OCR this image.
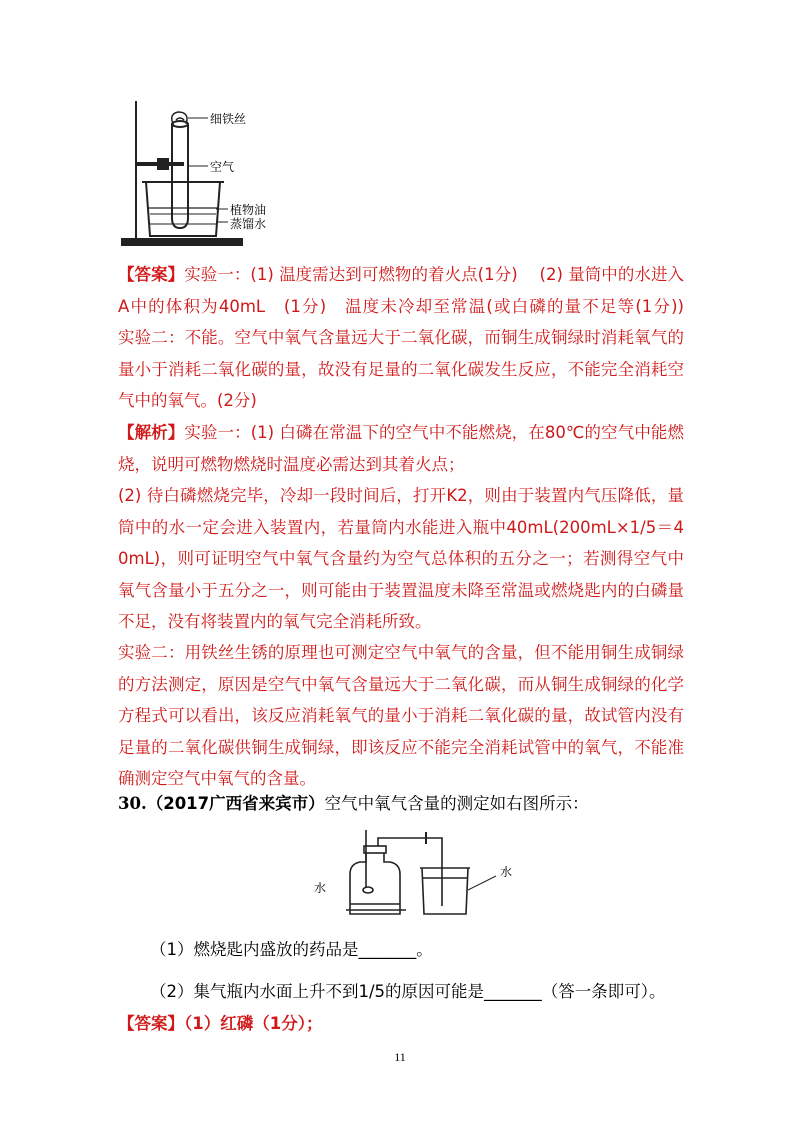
细铁丝
空气
植物油
蒸馏水

【答案】实验一：(1) 温度需达到可燃物的着火点(1分)　 (2) 量筒中的水进入A中的体积为40mL　(1分)　温度未冷却至常温(或白磷的量不足等(1分))　 实验二：不能。空气中氧气含量远大于二氧化碳，而铜生成铜绿时消耗氧气的量小于消耗二氧化碳的量，故没有足量的二氧化碳发生反应，不能完全消耗空气中的氧气。(2分)

【解析】实验一：(1) 白磷在常温下的空气中不能燃烧，在80℃的空气中能燃烧，说明可燃物燃烧时温度必需达到其着火点；

(2) 待白磷燃烧完毕，冷却一段时间后，打开K2，则由于装置内气压降低，量筒中的水一定会进入装置内，若量筒内水能进入瓶中40mL(200mL×1/5＝40mL)，则可证明空气中氧气含量约为空气总体积的五分之一；若测得空气中氧气含量小于五分之一，则可能由于装置温度未降至常温或燃烧匙内的白磷量不足，没有将装置内的氧气完全消耗所致。

实验二：用铁丝生锈的原理也可测定空气中氧气的含量，但不能用铜生成铜绿的方法测定，原因是空气中氧气含量远大于二氧化碳，而从铜生成铜绿的化学方程式可以看出，该反应消耗氧气的量小于消耗二氧化碳的量，故试管内没有足量的二氧化碳供铜生成铜绿，即该反应不能完全消耗试管中的氧气，不能准确测定空气中氧气的含量。

30.（2017广西省来宾市）空气中氧气含量的测定如右图所示：
水
水
（1）燃烧匙内盛放的药品是_______。
（2）集气瓶内水面上升不到1/5的原因可能是_______（答一条即可）。
【答案】（1）红磷（1分）；
11
